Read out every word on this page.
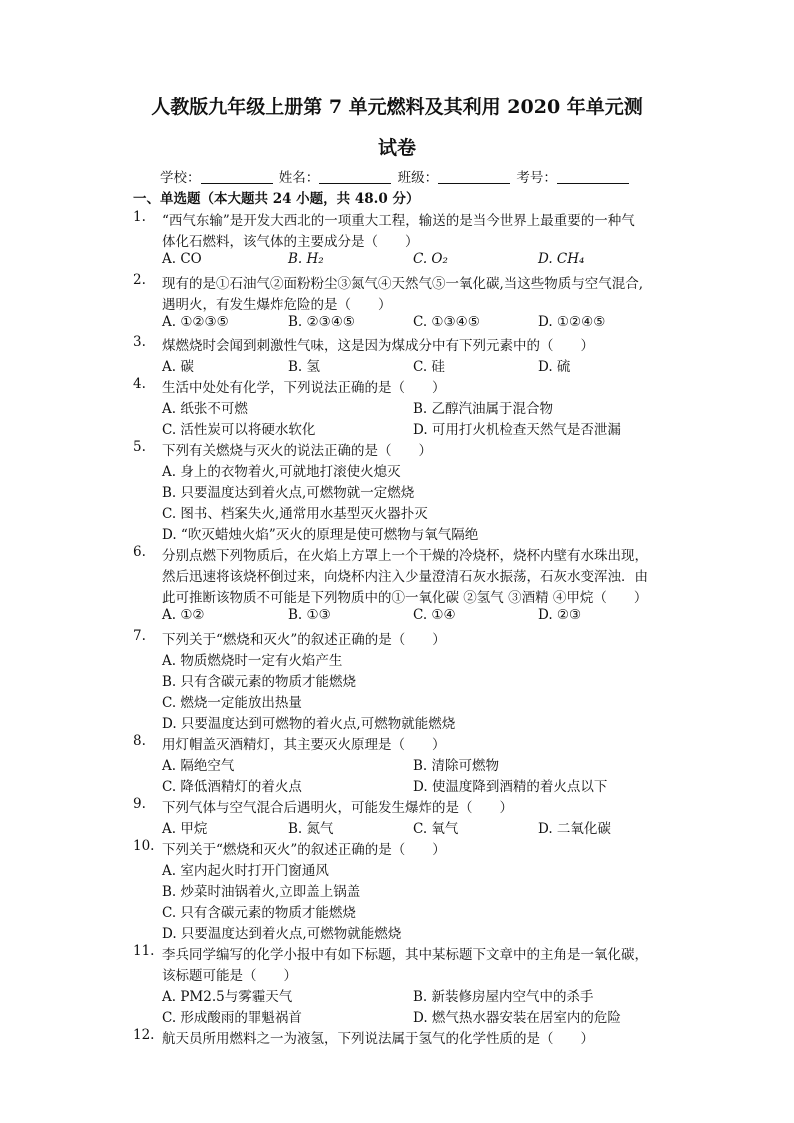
人教版九年级上册第 7 单元燃料及其利用 2020 年单元测
试卷
学校：	姓名：	班级：	考号：
一、单选题（本大题共 24 小题，共 48.0 分）
1. “西气东输”是开发大西北的一项重大工程，输送的是当今世界上最重要的一种气
体化石燃料，该气体的主要成分是（　　）
A. CO	B. H₂	C. O₂	D. CH₄
2. 现有的是①石油气②面粉粉尘③氮气④天然气⑤一氧化碳,当这些物质与空气混合,
遇明火，有发生爆炸危险的是（　　）
A. ①②③⑤	B. ②③④⑤	C. ①③④⑤	D. ①②④⑤
3. 煤燃烧时会闻到刺激性气味，这是因为煤成分中有下列元素中的（　　）
A. 碳	B. 氢	C. 硅	D. 硫
4. 生活中处处有化学，下列说法正确的是（　　）
A. 纸张不可燃	B. 乙醇汽油属于混合物
C. 活性炭可以将硬水软化	D. 可用打火机检查天然气是否泄漏
5. 下列有关燃烧与灭火的说法正确的是（　　）
A. 身上的衣物着火,可就地打滚使火熄灭
B. 只要温度达到着火点,可燃物就一定燃烧
C. 图书、档案失火,通常用水基型灭火器扑灭
D. “吹灭蜡烛火焰”灭火的原理是使可燃物与氧气隔绝
6. 分别点燃下列物质后，在火焰上方罩上一个干燥的冷烧杯，烧杯内壁有水珠出现，
然后迅速将该烧杯倒过来，向烧杯内注入少量澄清石灰水振荡，石灰水变浑浊．由
此可推断该物质不可能是下列物质中的①一氧化碳 ②氢气 ③酒精 ④甲烷（　　）
A. ①②	B. ①③	C. ①④	D. ②③
7. 下列关于“燃烧和灭火”的叙述正确的是（　　）
A. 物质燃烧时一定有火焰产生
B. 只有含碳元素的物质才能燃烧
C. 燃烧一定能放出热量
D. 只要温度达到可燃物的着火点,可燃物就能燃烧
8. 用灯帽盖灭酒精灯，其主要灭火原理是（　　）
A. 隔绝空气	B. 清除可燃物
C. 降低酒精灯的着火点	D. 使温度降到酒精的着火点以下
9. 下列气体与空气混合后遇明火，可能发生爆炸的是（　　）
A. 甲烷	B. 氮气	C. 氧气	D. 二氧化碳
10. 下列关于“燃烧和灭火”的叙述正确的是（　　）
A. 室内起火时打开门窗通风
B. 炒菜时油锅着火,立即盖上锅盖
C. 只有含碳元素的物质才能燃烧
D. 只要温度达到着火点,可燃物就能燃烧
11. 李兵同学编写的化学小报中有如下标题，其中某标题下文章中的主角是一氧化碳，
该标题可能是（　　）
A. PM2.5与雾霾天气	B. 新装修房屋内空气中的杀手
C. 形成酸雨的罪魁祸首	D. 燃气热水器安装在居室内的危险
12. 航天员所用燃料之一为液氢，下列说法属于氢气的化学性质的是（　　）
